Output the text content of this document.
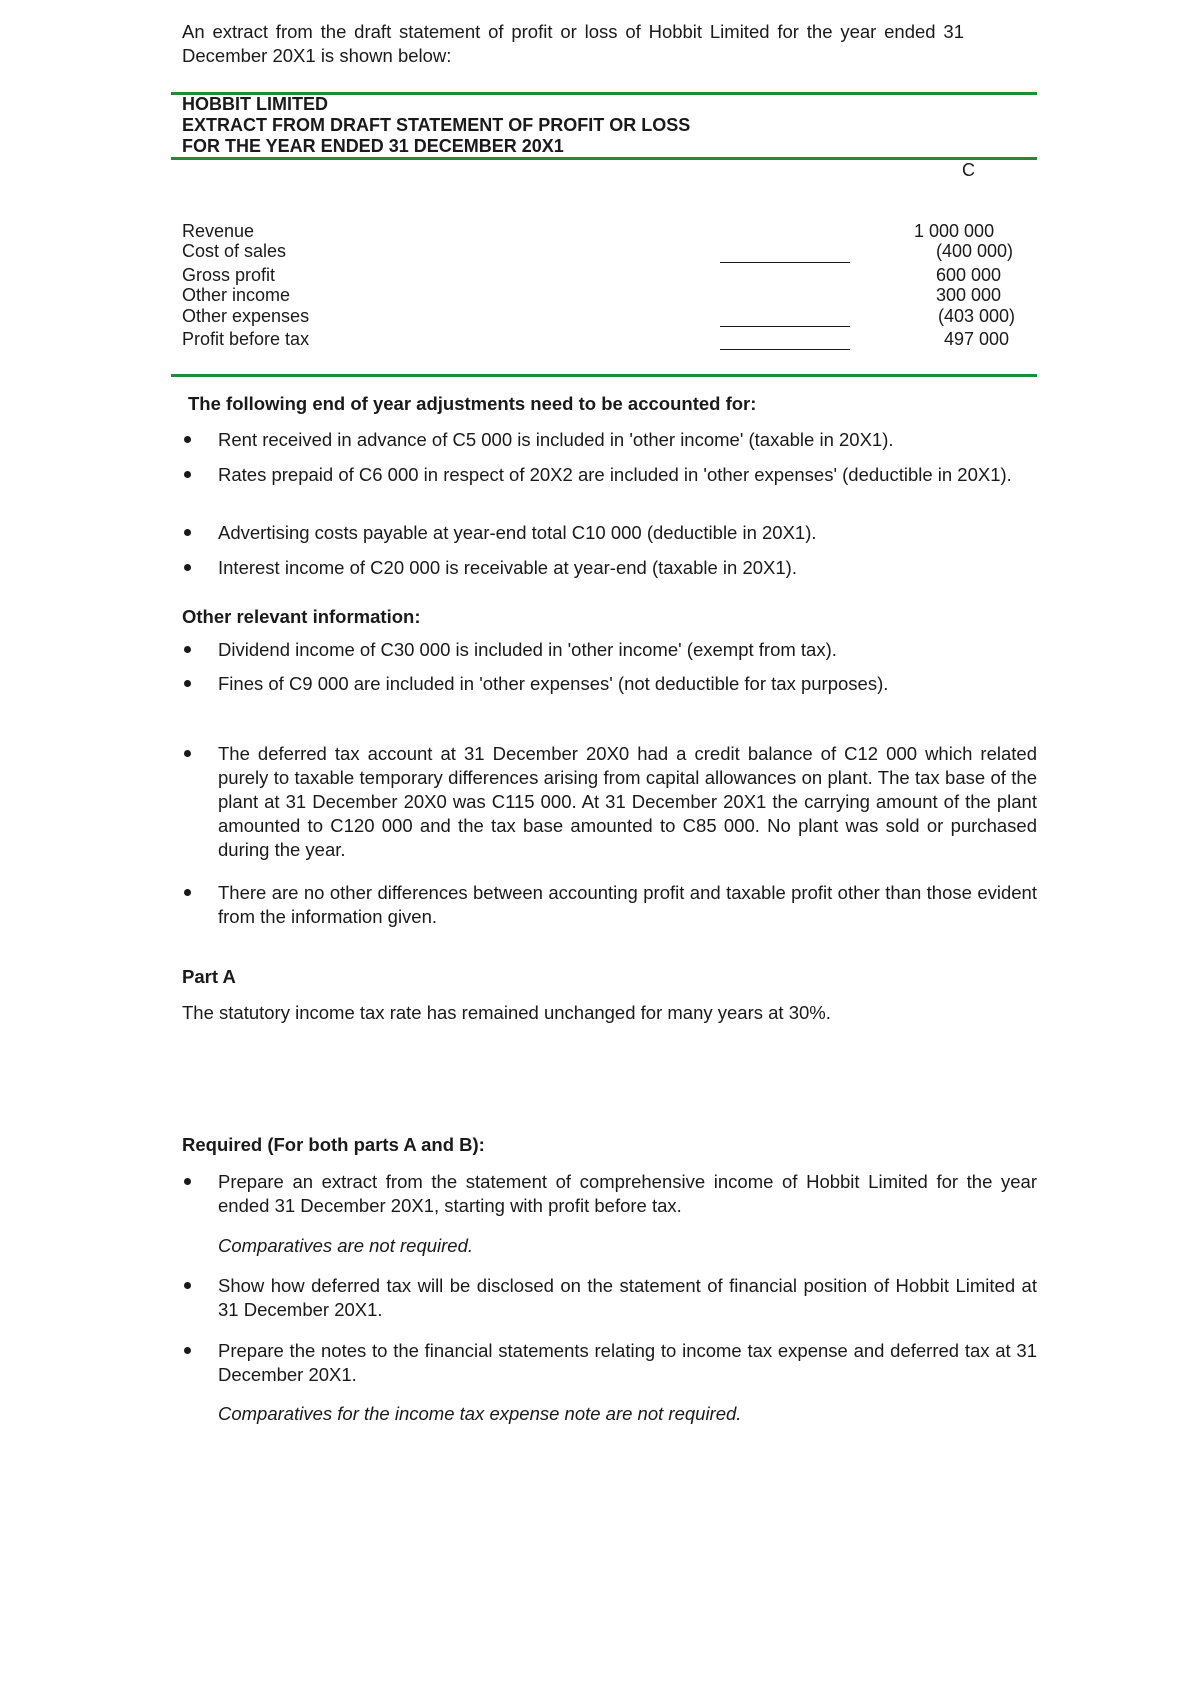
An extract from the draft statement of profit or loss of Hobbit Limited for the year ended 31 December 20X1 is shown below:

HOBBIT LIMITED
EXTRACT FROM DRAFT STATEMENT OF PROFIT OR LOSS
FOR THE YEAR ENDED 31 DECEMBER 20X1
C
Revenue	1 000 000
Cost of sales	(400 000)
Gross profit	600 000
Other income	300 000
Other expenses	(403 000)
Profit before tax	497 000
The following end of year adjustments need to be accounted for:
Rent received in advance of C5 000 is included in 'other income' (taxable in 20X1).
Rates prepaid of C6 000 in respect of 20X2 are included in 'other expenses' (deductible in 20X1).
Advertising costs payable at year-end total C10 000 (deductible in 20X1).
Interest income of C20 000 is receivable at year-end (taxable in 20X1).
Other relevant information:
Dividend income of C30 000 is included in 'other income' (exempt from tax).
Fines of C9 000 are included in 'other expenses' (not deductible for tax purposes).
The deferred tax account at 31 December 20X0 had a credit balance of C12 000 which related purely to taxable temporary differences arising from capital allowances on plant. The tax base of the plant at 31 December 20X0 was C115 000. At 31 December 20X1 the carrying amount of the plant amounted to C120 000 and the tax base amounted to C85 000. No plant was sold or purchased during the year.
There are no other differences between accounting profit and taxable profit other than those evident from the information given.
Part A

The statutory income tax rate has remained unchanged for many years at 30%.

Required (For both parts A and B):
Prepare an extract from the statement of comprehensive income of Hobbit Limited for the year ended 31 December 20X1, starting with profit before tax.
Comparatives are not required.
Show how deferred tax will be disclosed on the statement of financial position of Hobbit Limited at 31 December 20X1.
Prepare the notes to the financial statements relating to income tax expense and deferred tax at 31 December 20X1.
Comparatives for the income tax expense note are not required.
